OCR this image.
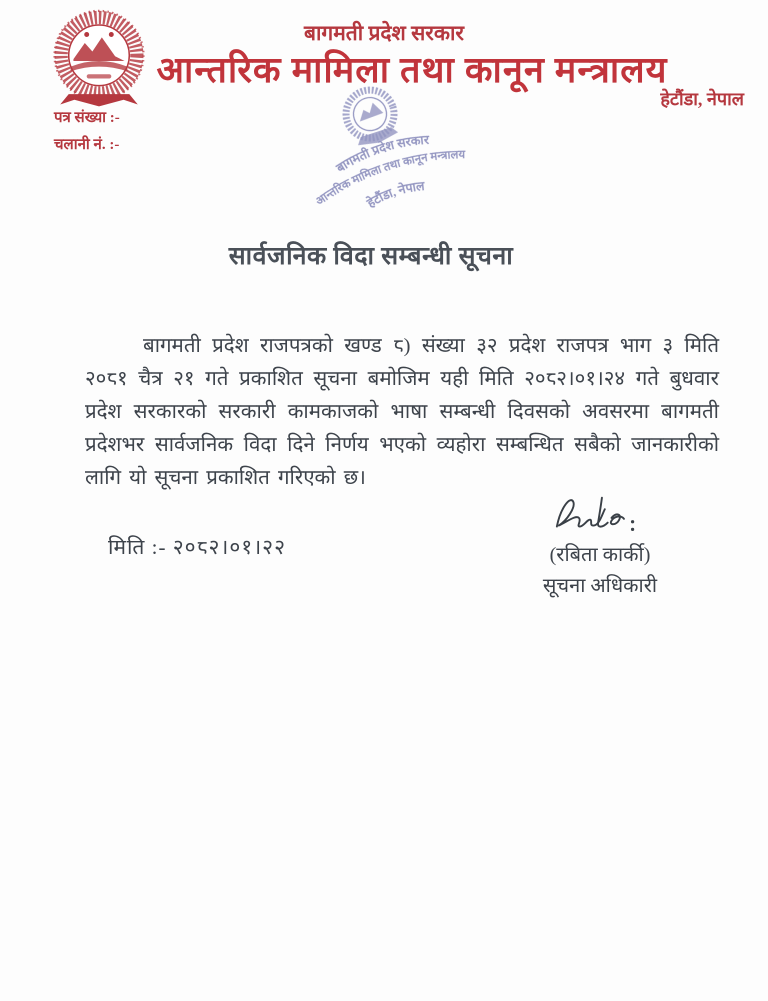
बागमती प्रदेश सरकार
आन्तरिक मामिला तथा कानून मन्त्रालय
हेटौंडा, नेपाल
पत्र संख्या :-
चलानी नं. :-
बागमती प्रदेश सरकार
आन्तरिक मामिला तथा कानून मन्त्रालय
हेटौंडा, नेपाल
सार्वजनिक विदा सम्बन्धी सूचना

बागमती प्रदेश राजपत्रको खण्ड ८) संख्या ३२ प्रदेश राजपत्र भाग ३ मिति २०८१ चैत्र २१ गते प्रकाशित सूचना बमोजिम यही मिति २०८२।०१।२४ गते बुधवार प्रदेश सरकारको सरकारी कामकाजको भाषा सम्बन्धी दिवसको अवसरमा बागमती प्रदेशभर सार्वजनिक विदा दिने निर्णय भएको व्यहोरा सम्बन्धित सबैको जानकारीको लागि यो सूचना प्रकाशित गरिएको छ।

मिति :- २०८२।०१।२२	(रबिता कार्की)
सूचना अधिकारी
